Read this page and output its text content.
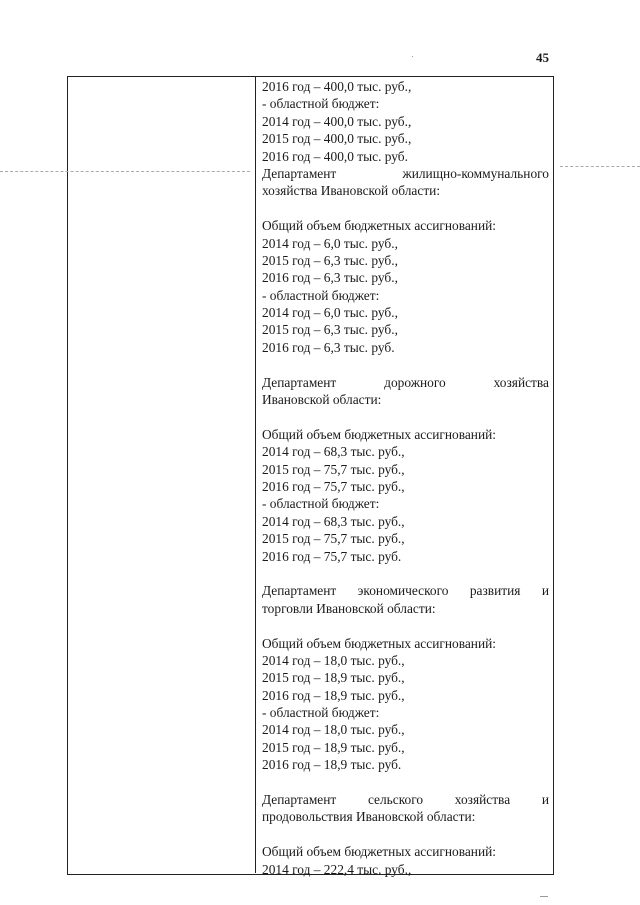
45
2016 год – 400,0 тыс. руб.,
- областной бюджет:
2014 год – 400,0 тыс. руб.,
2015 год – 400,0 тыс. руб.,
2016 год – 400,0 тыс. руб.
Департамент жилищно-коммунального
хозяйства Ивановской области:
Общий объем бюджетных ассигнований:
2014 год – 6,0 тыс. руб.,
2015 год – 6,3 тыс. руб.,
2016 год – 6,3 тыс. руб.,
- областной бюджет:
2014 год – 6,0 тыс. руб.,
2015 год – 6,3 тыс. руб.,
2016 год – 6,3 тыс. руб.
Департамент дорожного хозяйства
Ивановской области:
Общий объем бюджетных ассигнований:
2014 год – 68,3 тыс. руб.,
2015 год – 75,7 тыс. руб.,
2016 год – 75,7 тыс. руб.,
- областной бюджет:
2014 год – 68,3 тыс. руб.,
2015 год – 75,7 тыс. руб.,
2016 год – 75,7 тыс. руб.
Департамент экономического развития и
торговли Ивановской области:
Общий объем бюджетных ассигнований:
2014 год – 18,0 тыс. руб.,
2015 год – 18,9 тыс. руб.,
2016 год – 18,9 тыс. руб.,
- областной бюджет:
2014 год – 18,0 тыс. руб.,
2015 год – 18,9 тыс. руб.,
2016 год – 18,9 тыс. руб.
Департамент сельского хозяйства и
продовольствия Ивановской области:
Общий объем бюджетных ассигнований:
2014 год – 222,4 тыс. руб.,
